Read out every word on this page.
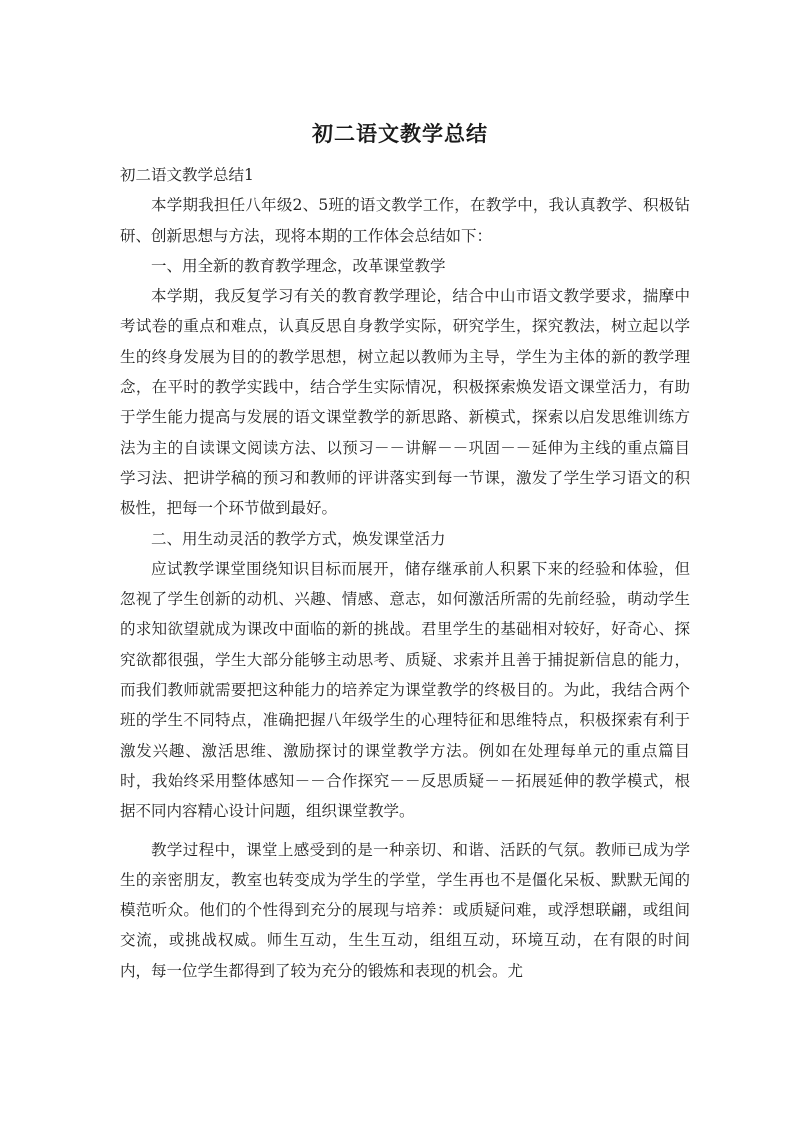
初二语文教学总结

初二语文教学总结1

本学期我担任八年级2、5班的语文教学工作，在教学中，我认真教学、积极钻研、创新思想与方法，现将本期的工作体会总结如下：

一、用全新的教育教学理念，改革课堂教学

本学期，我反复学习有关的教育教学理论，结合中山市语文教学要求，揣摩中考试卷的重点和难点，认真反思自身教学实际，研究学生，探究教法，树立起以学生的终身发展为目的的教学思想，树立起以教师为主导，学生为主体的新的教学理念，在平时的教学实践中，结合学生实际情况，积极探索焕发语文课堂活力，有助于学生能力提高与发展的语文课堂教学的新思路、新模式，探索以启发思维训练方法为主的自读课文阅读方法、以预习－－讲解－－巩固－－延伸为主线的重点篇目学习法、把讲学稿的预习和教师的评讲落实到每一节课，激发了学生学习语文的积极性，把每一个环节做到最好。

二、用生动灵活的教学方式，焕发课堂活力

应试教学课堂围绕知识目标而展开，储存继承前人积累下来的经验和体验，但忽视了学生创新的动机、兴趣、情感、意志，如何激活所需的先前经验，萌动学生的求知欲望就成为课改中面临的新的挑战。君里学生的基础相对较好，好奇心、探究欲都很强，学生大部分能够主动思考、质疑、求索并且善于捕捉新信息的能力，而我们教师就需要把这种能力的培养定为课堂教学的终极目的。为此，我结合两个班的学生不同特点，准确把握八年级学生的心理特征和思维特点，积极探索有利于激发兴趣、激活思维、激励探讨的课堂教学方法。例如在处理每单元的重点篇目时，我始终采用整体感知－－合作探究－－反思质疑－－拓展延伸的教学模式，根据不同内容精心设计问题，组织课堂教学。

教学过程中，课堂上感受到的是一种亲切、和谐、活跃的气氛。教师已成为学生的亲密朋友，教室也转变成为学生的学堂，学生再也不是僵化呆板、默默无闻的模范听众。他们的个性得到充分的展现与培养：或质疑问难，或浮想联翩，或组间交流，或挑战权威。师生互动，生生互动，组组互动，环境互动，在有限的时间内，每一位学生都得到了较为充分的锻炼和表现的机会。尤
